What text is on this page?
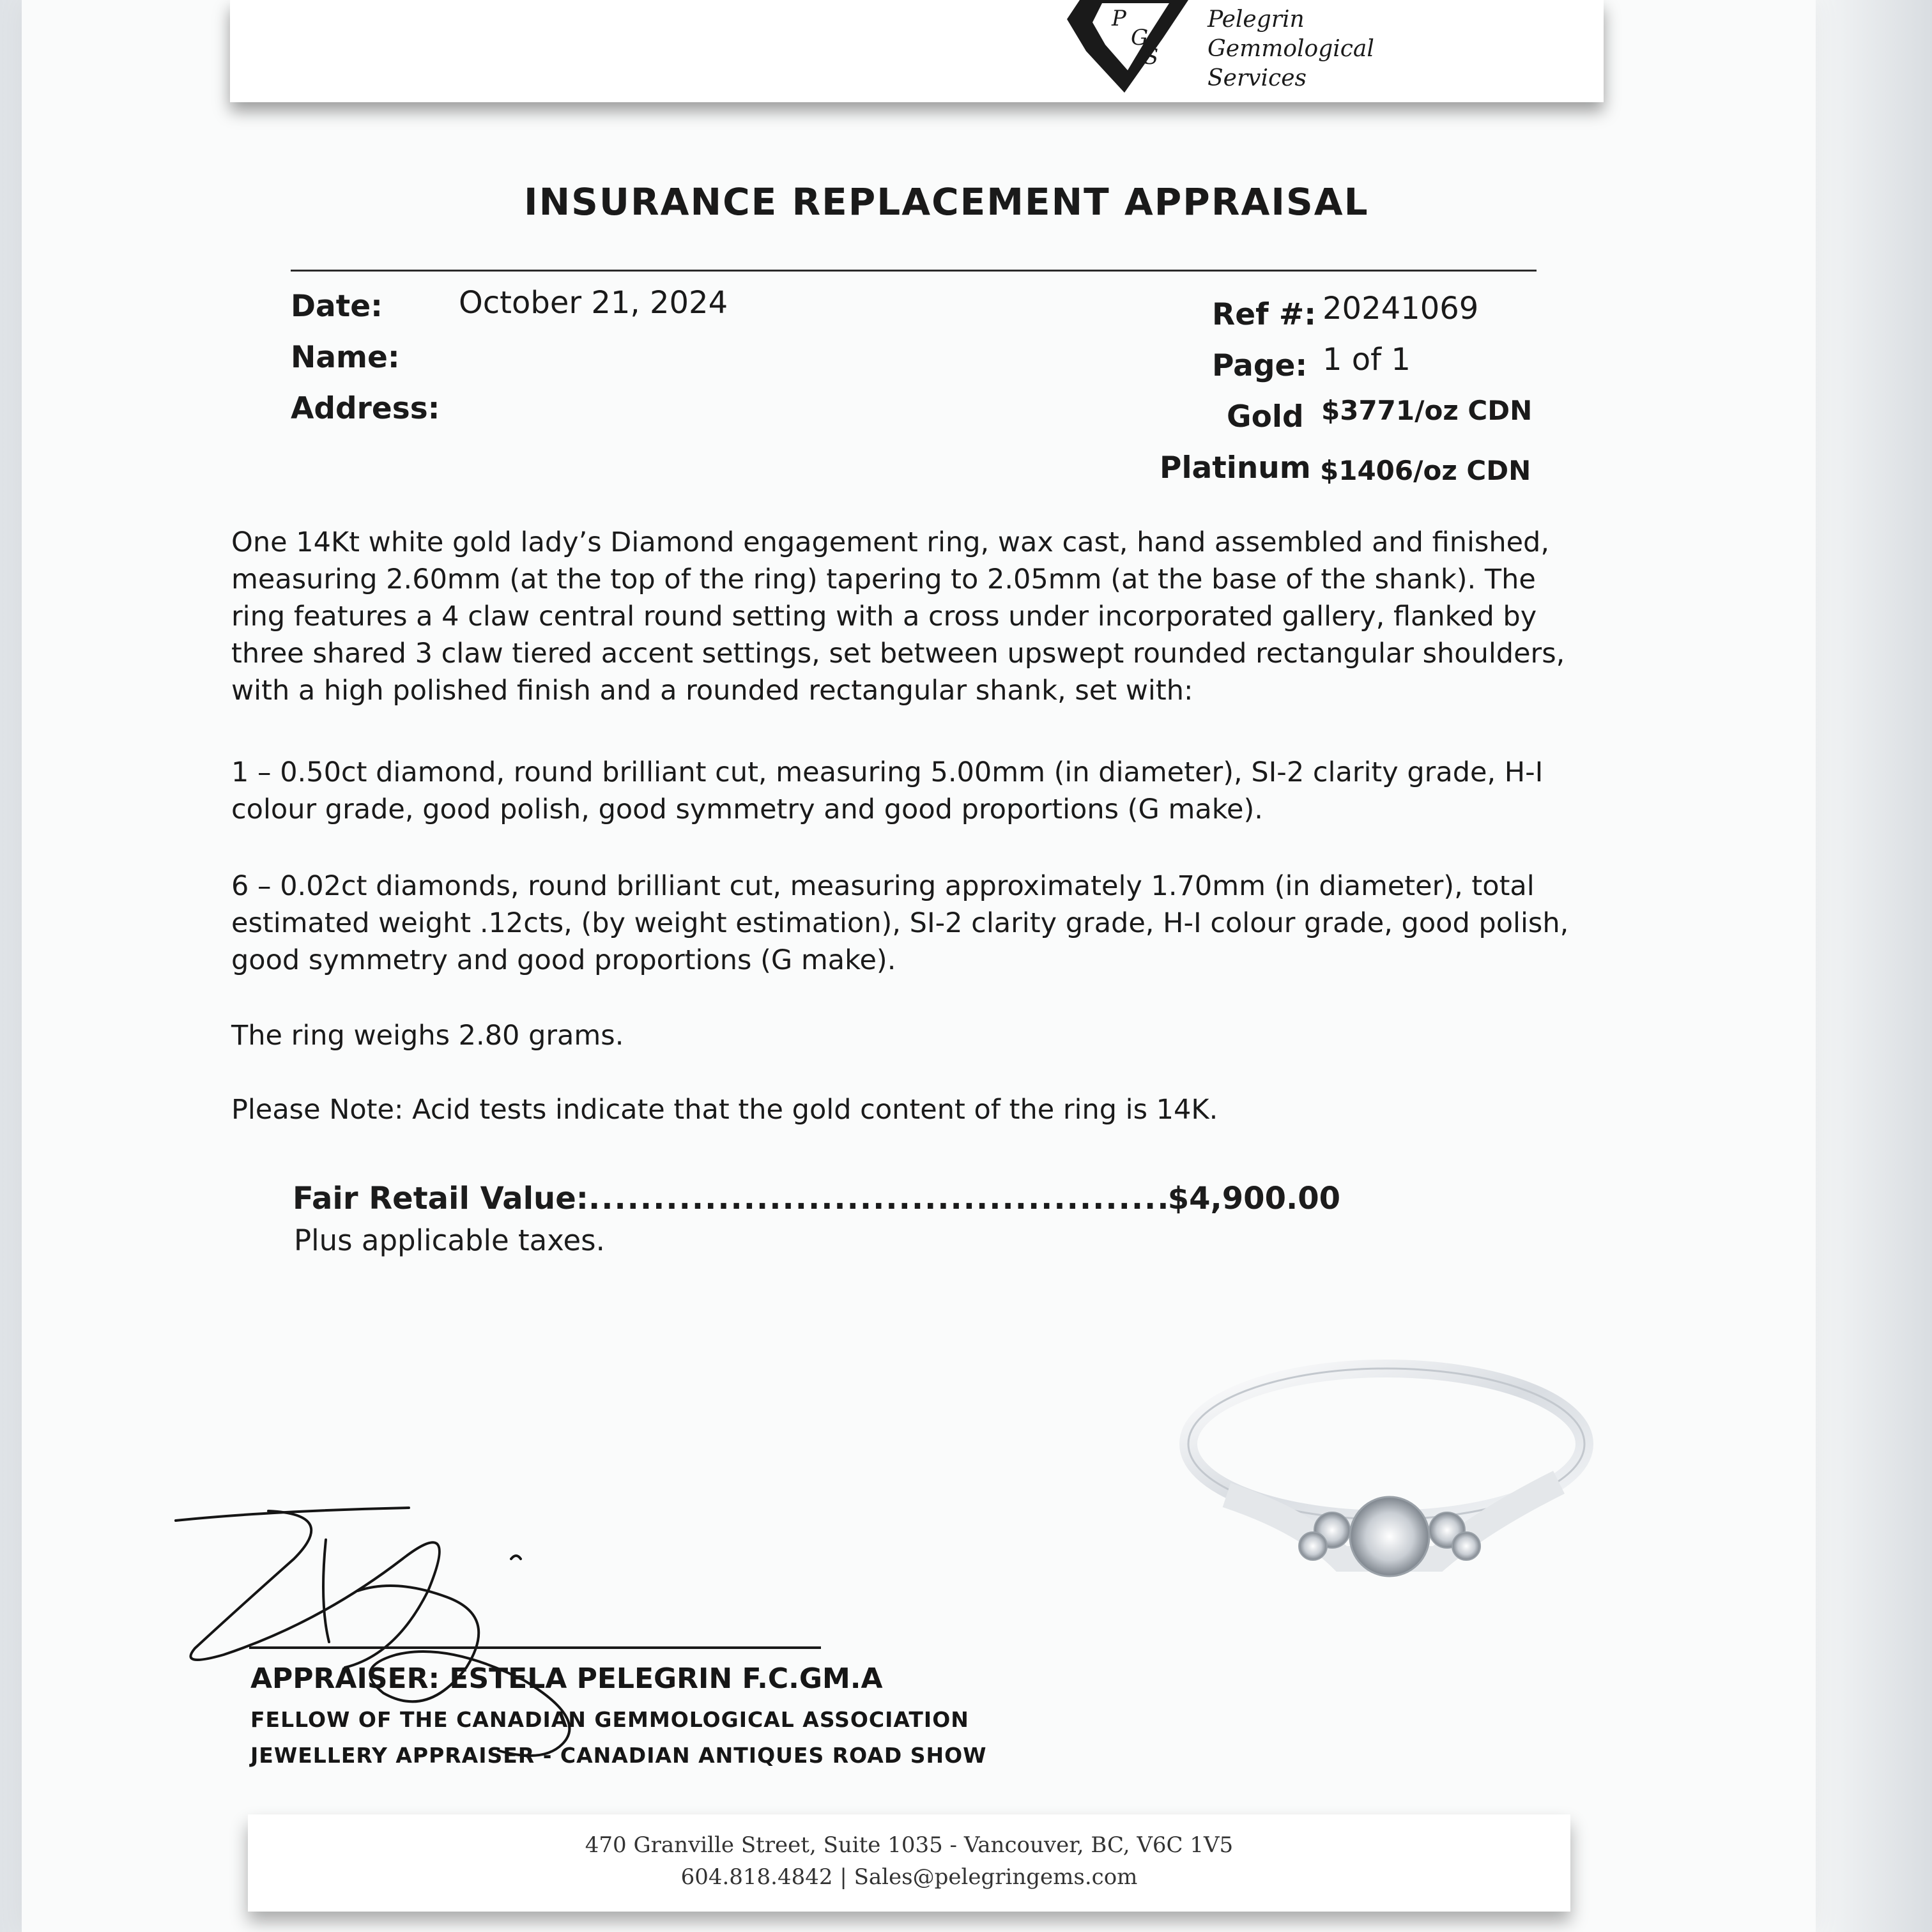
P
G
S
Pelegrin
Gemmological
Services
INSURANCE REPLACEMENT APPRAISAL
Date: October 21, 2024
Name:
Address:
Ref #: 20241069
Page: 1 of 1
Gold $3771/oz CDN
Platinum $1406/oz CDN

One 14Kt white gold lady’s Diamond engagement ring, wax cast, hand assembled and finished, measuring 2.60mm (at the top of the ring) tapering to 2.05mm (at the base of the shank). The ring features a 4 claw central round setting with a cross under incorporated gallery, flanked by three shared 3 claw tiered accent settings, set between upswept rounded rectangular shoulders, with a high polished finish and a rounded rectangular shank, set with:

1 – 0.50ct diamond, round brilliant cut, measuring 5.00mm (in diameter), SI-2 clarity grade, H-I colour grade, good polish, good symmetry and good proportions (G make).

6 – 0.02ct diamonds, round brilliant cut, measuring approximately 1.70mm (in diameter), total estimated weight .12cts, (by weight estimation), SI-2 clarity grade, H-I colour grade, good polish, good symmetry and good proportions (G make).

The ring weighs 2.80 grams.

Please Note: Acid tests indicate that the gold content of the ring is 14K.

Fair Retail Value:
.....	$4,900.00
Plus applicable taxes.
APPRAISER: ESTELA PELEGRIN F.C.GM.A
FELLOW OF THE CANADIAN GEMMOLOGICAL ASSOCIATION
JEWELLERY APPRAISER - CANADIAN ANTIQUES ROAD SHOW
470 Granville Street, Suite 1035 - Vancouver, BC, V6C 1V5
604.818.4842 | Sales@pelegringems.com
